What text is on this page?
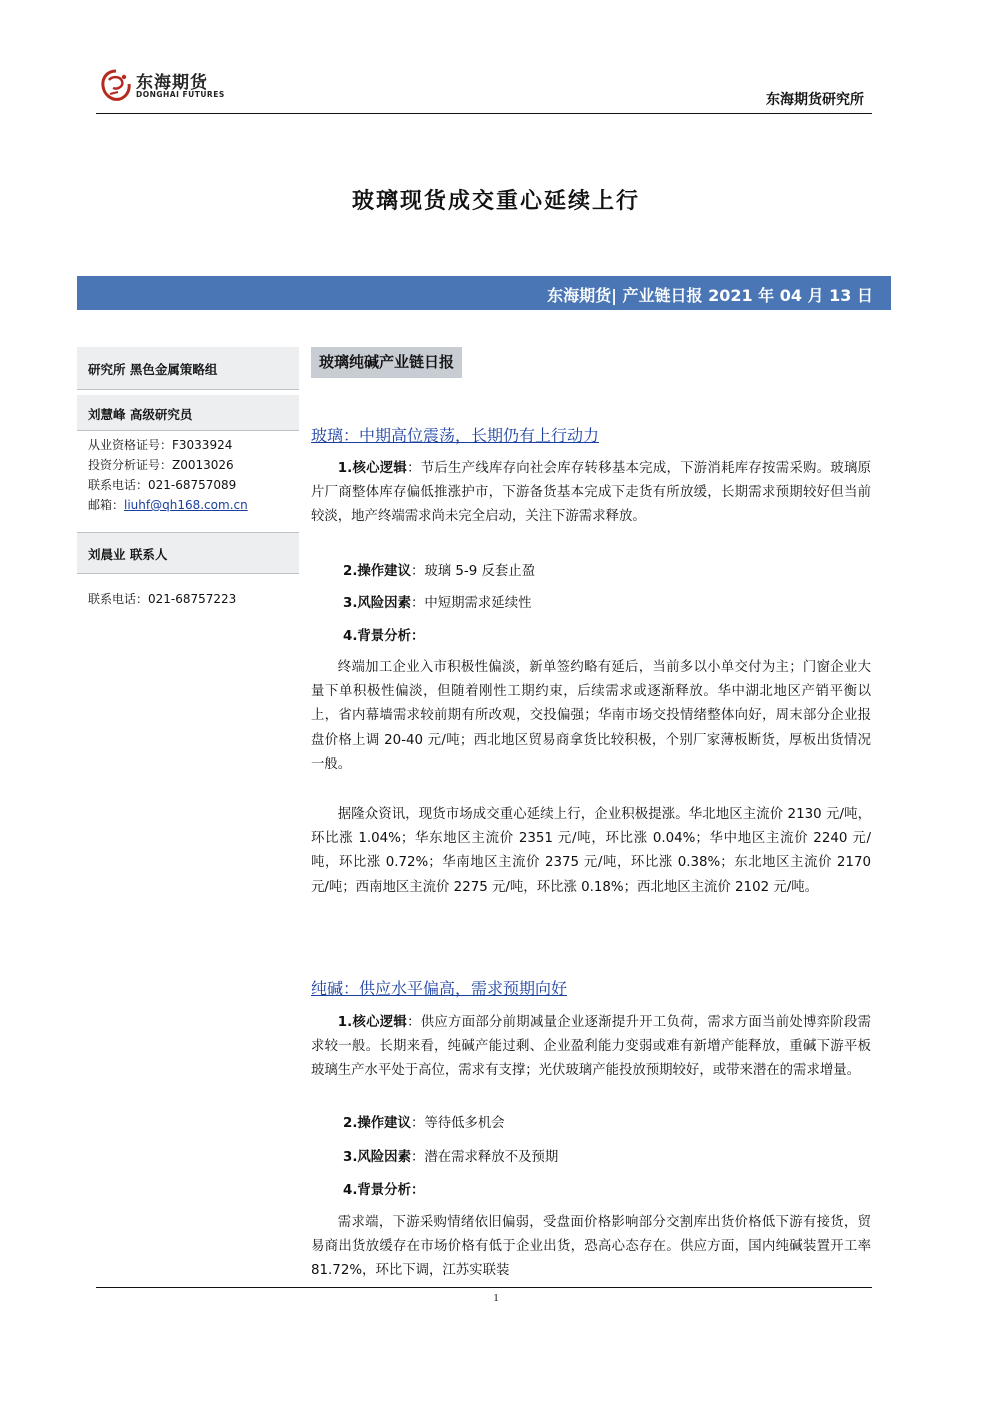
东海期货
DONGHAI FUTURES	东海期货研究所
玻璃现货成交重心延续上行
东海期货| 产业链日报 2021 年 04 月 13 日
研究所 黑色金属策略组
刘慧峰 高级研究员
从业资格证号：F3033924
投资分析证号：Z0013026
联系电话：021-68757089
邮箱：liuhf@qh168.com.cn
刘晨业 联系人
联系电话：021-68757223
玻璃纯碱产业链日报
玻璃：中期高位震荡，长期仍有上行动力
1.核心逻辑：节后生产线库存向社会库存转移基本完成，下游消耗库存按需采购。玻璃原片厂商整体库存偏低推涨护市，下游备货基本完成下走货有所放缓，长期需求预期较好但当前较淡，地产终端需求尚未完全启动，关注下游需求释放。
2.操作建议：玻璃 5-9 反套止盈
3.风险因素：中短期需求延续性
4.背景分析：
终端加工企业入市积极性偏淡，新单签约略有延后，当前多以小单交付为主；门窗企业大量下单积极性偏淡，但随着刚性工期约束，后续需求或逐渐释放。华中湖北地区产销平衡以上，省内幕墙需求较前期有所改观，交投偏强；华南市场交投情绪整体向好，周末部分企业报盘价格上调 20-40 元/吨；西北地区贸易商拿货比较积极，个别厂家薄板断货，厚板出货情况一般。
据隆众资讯，现货市场成交重心延续上行，企业积极提涨。华北地区主流价 2130 元/吨，环比涨 1.04%；华东地区主流价 2351 元/吨，环比涨 0.04%；华中地区主流价 2240 元/吨，环比涨 0.72%；华南地区主流价 2375 元/吨，环比涨 0.38%；东北地区主流价 2170 元/吨；西南地区主流价 2275 元/吨，环比涨 0.18%；西北地区主流价 2102 元/吨。
纯碱：供应水平偏高，需求预期向好
1.核心逻辑：供应方面部分前期减量企业逐渐提升开工负荷，需求方面当前处博弈阶段需求较一般。长期来看，纯碱产能过剩、企业盈利能力变弱或难有新增产能释放，重碱下游平板玻璃生产水平处于高位，需求有支撑；光伏玻璃产能投放预期较好，或带来潜在的需求增量。
2.操作建议：等待低多机会
3.风险因素：潜在需求释放不及预期
4.背景分析：
需求端，下游采购情绪依旧偏弱，受盘面价格影响部分交割库出货价格低下游有接货，贸易商出货放缓存在市场价格有低于企业出货，恐高心态存在。供应方面，国内纯碱装置开工率 81.72%，环比下调，江苏实联装
1
